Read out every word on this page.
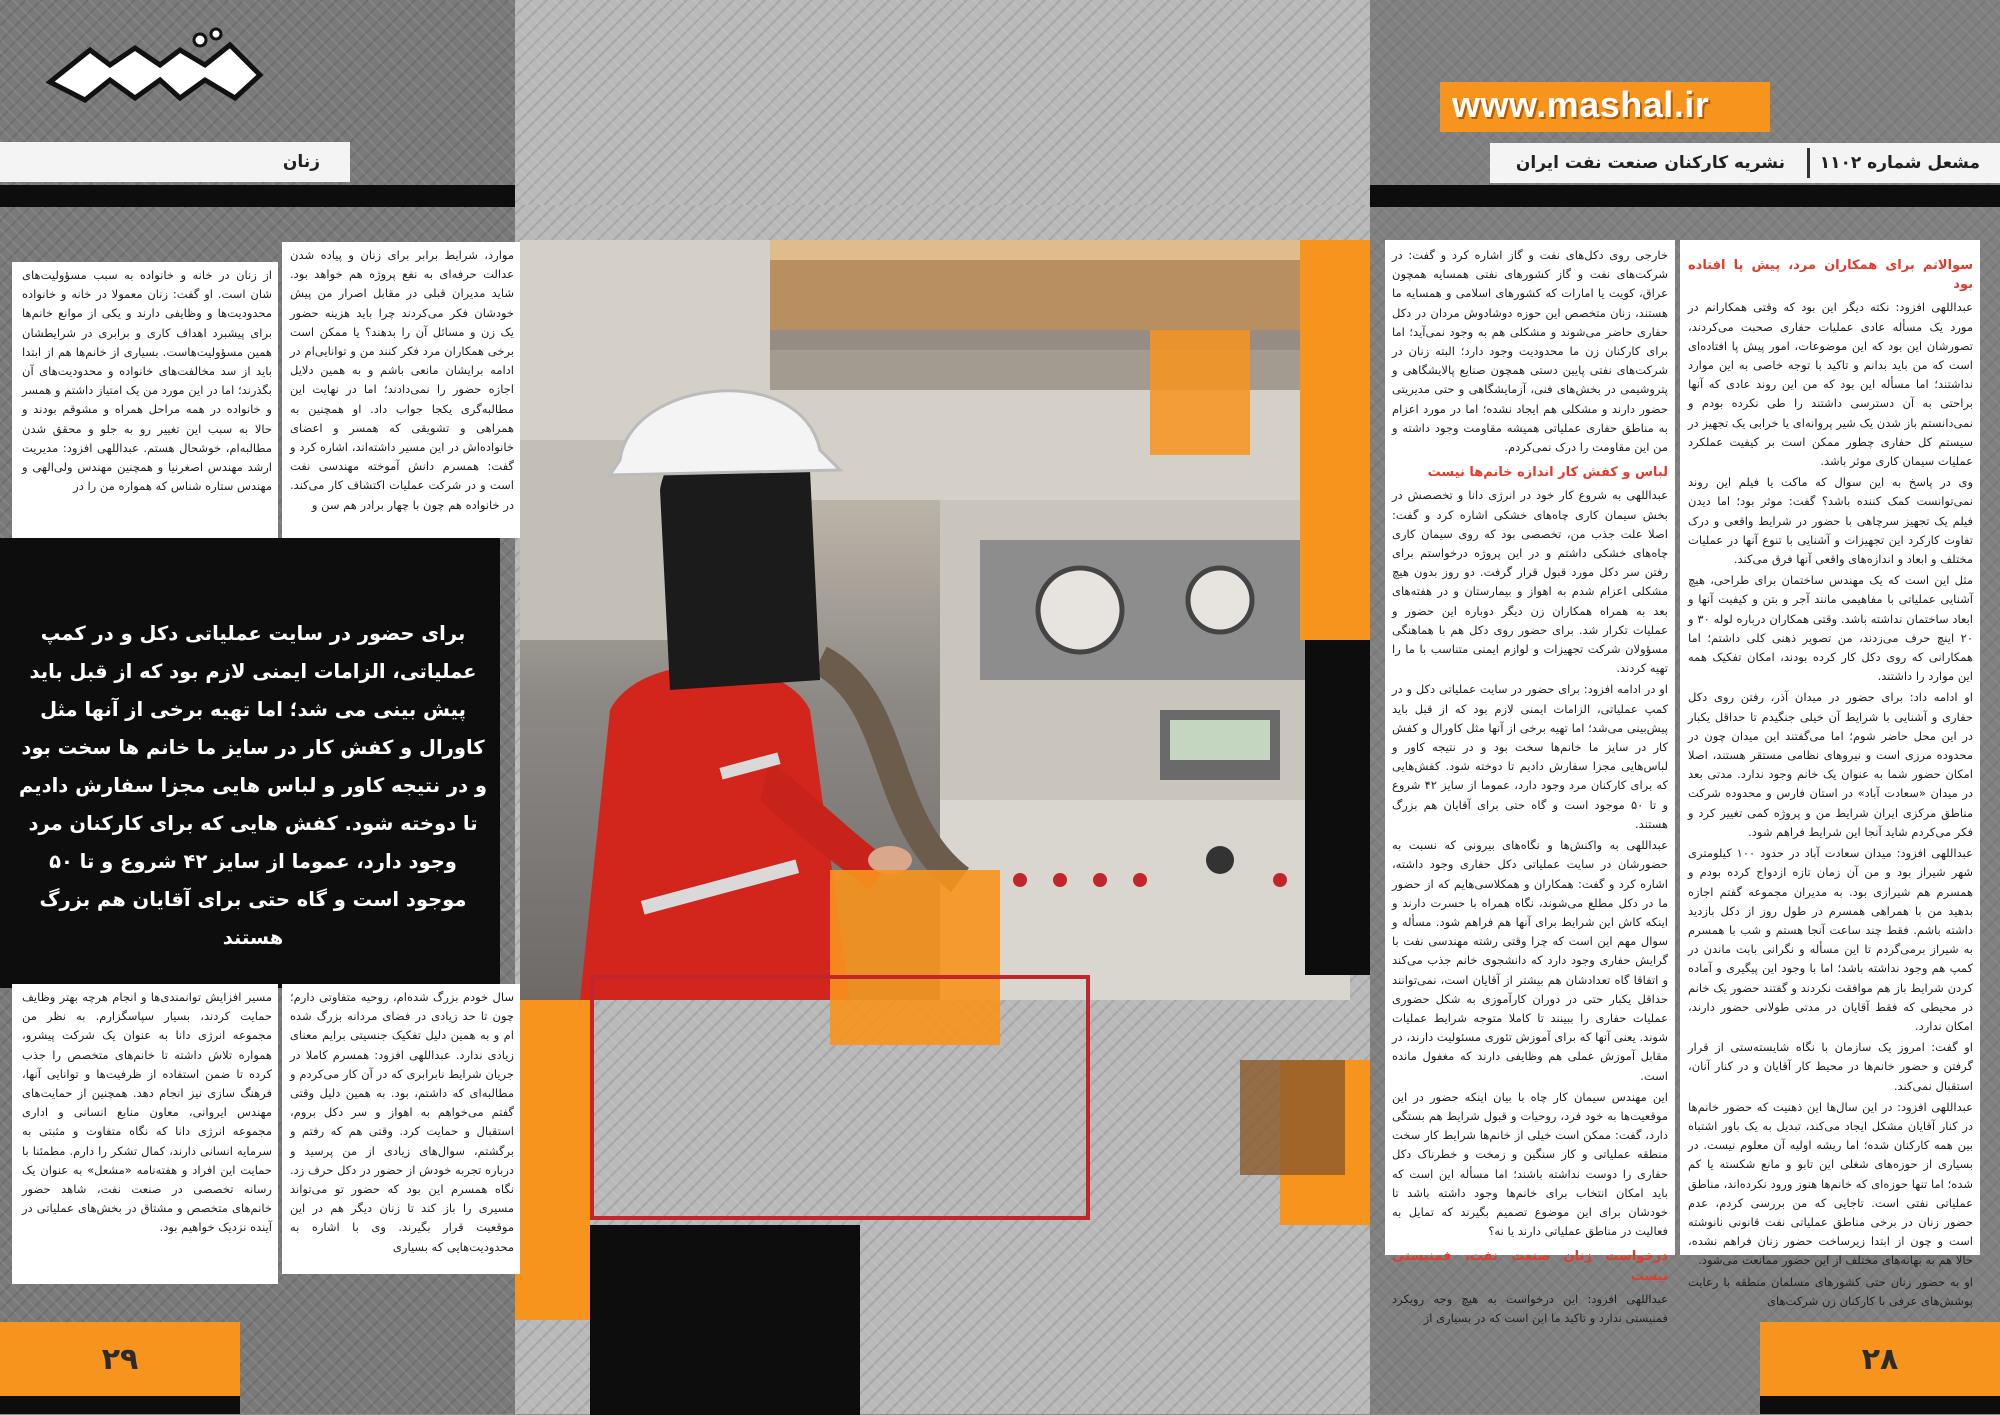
زنان
www.mashal.ir
مشعل شماره ۱۱۰۲
نشریه کارکنان صنعت نفت ایران
برای حضور در سایت عملیاتی دکل و در کمپ عملیاتی، الزامات ایمنی لازم بود که از قبل باید پیش بینی می شد؛ اما تهیه برخی از آنها مثل کاورال و کفش کار در سایز ما خانم ها سخت بود و در نتیجه کاور و لباس هایی مجزا سفارش دادیم تا دوخته شود. کفش هایی که برای کارکنان مرد وجود دارد، عموما از سایز ۴۲ شروع و تا ۵۰ موجود است و گاه حتی برای آقایان هم بزرگ هستند
از زنان در خانه و خانواده به سبب مسؤولیت‌های شان است. او گفت: زنان معمولا در خانه و خانواده محدودیت‌ها و وظایفی دارند و یکی از موانع خانم‌ها برای پیشبرد اهداف کاری و برابری در شرایطشان همین مسؤولیت‌هاست. بسیاری از خانم‌ها هم از ابتدا باید از سد مخالفت‌های خانواده و محدودیت‌های آن بگذرند؛ اما در این مورد من یک امتیاز داشتم و همسر و خانواده در همه مراحل همراه و مشوقم بودند و حالا به سبب این تغییر رو به جلو و محقق شدن مطالبه‌ام، خوشحال هستم. عبداللهی افزود: مدیریت ارشد مهندس اصغرنیا و همچنین مهندس ولی‌الهی و مهندس ستاره شناس که همواره من را در
موارد، شرایط برابر برای زنان و پیاده شدن عدالت حرفه‌ای به نفع پروژه هم خواهد بود. شاید مدیران قبلی در مقابل اصرار من پیش خودشان فکر می‌کردند چرا باید هزینه حضور یک زن و مسائل آن را بدهند؟ یا ممکن است برخی همکاران مرد فکر کنند من و توانایی‌ام در ادامه برایشان مانعی باشم و به همین دلایل اجازه حضور را نمی‌دادند؛ اما در نهایت این مطالبه‌گری یکجا جواب داد. او همچنین به همراهی و تشویقی که همسر و اعضای خانواده‌اش در این مسیر داشته‌اند، اشاره کرد و گفت: همسرم دانش آموخته مهندسی نفت است و در شرکت عملیات اکتشاف کار می‌کند. در خانواده هم چون با چهار برادر هم سن و
مسیر افزایش توانمندی‌ها و انجام هرچه بهتر وظایف حمایت کردند، بسیار سپاسگزارم. به نظر من مجموعه انرژی دانا به عنوان یک شرکت پیشرو، همواره تلاش داشته تا خانم‌های متخصص را جذب کرده تا ضمن استفاده از ظرفیت‌ها و توانایی آنها، فرهنگ سازی نیز انجام دهد. همچنین از حمایت‌های مهندس ایروانی، معاون منابع انسانی و اداری مجموعه انرژی دانا که نگاه متفاوت و مثبتی به سرمایه انسانی دارند، کمال تشکر را دارم. مطمئنا با حمایت این افراد و هفته‌نامه «مشعل» به عنوان یک رسانه تخصصی در صنعت نفت، شاهد حضور خانم‌های متخصص و مشتاق در بخش‌های عملیاتی در آینده نزدیک خواهیم بود.
سال خودم بزرگ شده‌ام، روحیه متفاوتی دارم؛ چون تا حد زیادی در فضای مردانه بزرگ شده ام و به همین دلیل تفکیک جنسیتی برایم معنای زیادی ندارد. عبداللهی افزود: همسرم کاملا در جریان شرایط نابرابری که در آن کار می‌کردم و مطالبه‌ای که داشتم، بود. به همین دلیل وقتی گفتم می‌خواهم به اهواز و سر دکل بروم، استقبال و حمایت کرد. وقتی هم که رفتم و برگشتم، سوال‌های زیادی از من پرسید و درباره تجربه خودش از حضور در دکل حرف زد. نگاه همسرم این بود که حضور تو می‌تواند مسیری را باز کند تا زنان دیگر هم در این موقعیت قرار بگیرند. وی با اشاره به محدودیت‌هایی که بسیاری

خارجی روی دکل‌های نفت و گاز اشاره کرد و گفت: در شرکت‌های نفت و گاز کشورهای نفتی همسایه همچون عراق، کویت یا امارات که کشورهای اسلامی و همسایه ما هستند، زنان متخصص این حوزه دوشادوش مردان در دکل حفاری حاضر می‌شوند و مشکلی هم به وجود نمی‌آید؛ اما برای کارکنان زن ما محدودیت وجود دارد؛ البته زنان در شرکت‌های نفتی پایین دستی همچون صنایع پالایشگاهی و پتروشیمی در بخش‌های فنی، آزمایشگاهی و حتی مدیریتی حضور دارند و مشکلی هم ایجاد نشده؛ اما در مورد اعزام به مناطق حفاری عملیاتی همیشه مقاومت وجود داشته و من این مقاومت را درک نمی‌کردم.

لباس و کفش کار اندازه خانم‌ها نیست

عبداللهی به شروع کار خود در انرژی دانا و تخصصش در بخش سیمان کاری چاه‌های خشکی اشاره کرد و گفت: اصلا علت جذب من، تخصصی بود که روی سیمان کاری چاه‌های خشکی داشتم و در این پروژه درخواستم برای رفتن سر دکل مورد قبول قرار گرفت. دو روز بدون هیچ مشکلی اعزام شدم به اهواز و بیمارستان و در هفته‌های بعد به همراه همکاران زن دیگر دوباره این حضور و عملیات تکرار شد. برای حضور روی دکل هم با هماهنگی مسؤولان شرکت تجهیزات و لوازم ایمنی متناسب با ما را تهیه کردند.

او در ادامه افزود: برای حضور در سایت عملیاتی دکل و در کمپ عملیاتی، الزامات ایمنی لازم بود که از قبل باید پیش‌بینی می‌شد؛ اما تهیه برخی از آنها مثل کاورال و کفش کار در سایز ما خانم‌ها سخت بود و در نتیجه کاور و لباس‌هایی مجزا سفارش دادیم تا دوخته شود. کفش‌هایی که برای کارکنان مرد وجود دارد، عموما از سایز ۴۲ شروع و تا ۵۰ موجود است و گاه حتی برای آقایان هم بزرگ هستند.

عبداللهی به واکنش‌ها و نگاه‌های بیرونی که نسبت به حضورشان در سایت عملیاتی دکل حفاری وجود داشته، اشاره کرد و گفت: همکاران و همکلاسی‌هایم که از حضور ما در دکل مطلع می‌شوند، نگاه همراه با حسرت دارند و اینکه کاش این شرایط برای آنها هم فراهم شود. مسأله و سوال مهم این است که چرا وقتی رشته مهندسی نفت با گرایش حفاری وجود دارد که دانشجوی خانم جذب می‌کند و اتفاقا گاه تعدادشان هم بیشتر از آقایان است، نمی‌توانند حداقل یکبار حتی در دوران کارآموزی به شکل حضوری عملیات حفاری را ببینند تا کاملا متوجه شرایط عملیات شوند. یعنی آنها که برای آموزش تئوری مسئولیت دارند، در مقابل آموزش عملی هم وظایفی دارند که مغفول مانده است.

این مهندس سیمان کار چاه با بیان اینکه حضور در این موقعیت‌ها به خود فرد، روحیات و قبول شرایط هم بستگی دارد، گفت: ممکن است خیلی از خانم‌ها شرایط کار سخت منطقه عملیاتی و کار سنگین و زمخت و خطرناک دکل حفاری را دوست نداشته باشند؛ اما مسأله این است که باید امکان انتخاب برای خانم‌ها وجود داشته باشد تا خودشان برای این موضوع تصمیم بگیرند که تمایل به فعالیت در مناطق عملیاتی دارند یا نه؟

درخواست زنان صنعت نفت، فمنیستی نیست

عبداللهی افزود: این درخواست به هیچ وجه رویکرد فمنیستی ندارد و تاکید ما این است که در بسیاری از

سوالاتم برای همکاران مرد، پیش پا افتاده بود

عبداللهی افزود: نکته دیگر این بود که وقتی همکارانم در مورد یک مسأله عادی عملیات حفاری صحبت می‌کردند، تصورشان این بود که این موضوعات، امور پیش پا افتاده‌ای است که من باید بدانم و تاکید با توجه خاصی به این موارد نداشتند؛ اما مسأله این بود که من این روند عادی که آنها براحتی به آن دسترسی داشتند را طی نکرده بودم و نمی‌دانستم باز شدن یک شیر پروانه‌ای یا خرابی یک تجهیز در سیستم کل حفاری چطور ممکن است بر کیفیت عملکرد عملیات سیمان کاری موثر باشد.

وی در پاسخ به این سوال که ماکت یا فیلم این روند نمی‌توانست کمک کننده باشد؟ گفت: موثر بود؛ اما دیدن فیلم یک تجهیز سرچاهی با حضور در شرایط واقعی و درک تفاوت کارکرد این تجهیزات و آشنایی با تنوع آنها در عملیات مختلف و ابعاد و اندازه‌های واقعی آنها فرق می‌کند.

مثل این است که یک مهندس ساختمان برای طراحی، هیچ آشنایی عملیاتی با مفاهیمی مانند آجر و بتن و کیفیت آنها و ابعاد ساختمان نداشته باشد. وقتی همکاران درباره لوله ۳۰ و ۲۰ اینچ حرف می‌زدند، من تصویر ذهنی کلی داشتم؛ اما همکارانی که روی دکل کار کرده بودند، امکان تفکیک همه این موارد را داشتند.

او ادامه داد: برای حضور در میدان آذر، رفتن روی دکل حفاری و آشنایی با شرایط آن خیلی جنگیدم تا حداقل یکبار در این محل حاضر شوم؛ اما می‌گفتند این میدان چون در محدوده مرزی است و نیروهای نظامی مستقر هستند، اصلا امکان حضور شما به عنوان یک خانم وجود ندارد. مدتی بعد در میدان «سعادت آباد» در استان فارس و محدوده شرکت مناطق مرکزی ایران شرایط من و پروژه کمی تغییر کرد و فکر می‌کردم شاید آنجا این شرایط فراهم شود.

عبداللهی افزود: میدان سعادت آباد در حدود ۱۰۰ کیلومتری شهر شیراز بود و من آن زمان تازه ازدواج کرده بودم و همسرم هم شیرازی بود. به مدیران مجموعه گفتم اجازه بدهید من با همراهی همسرم در طول روز از دکل بازدید داشته باشم. فقط چند ساعت آنجا هستم و شب با همسرم به شیراز برمی‌گردم تا این مسأله و نگرانی بابت ماندن در کمپ هم وجود نداشته باشد؛ اما با وجود این پیگیری و آماده کردن شرایط باز هم موافقت نکردند و گفتند حضور یک خانم در محیطی که فقط آقایان در مدتی طولانی حضور دارند، امکان ندارد.

او گفت: امروز یک سازمان با نگاه شایسته‌ستی از قرار گرفتن و حضور خانم‌ها در محیط کار آقایان و در کنار آنان، استقبال نمی‌کند.

عبداللهی افزود: در این سال‌ها این ذهنیت که حضور خانم‌ها در کنار آقایان مشکل ایجاد می‌کند، تبدیل به یک باور اشتباه بین همه کارکنان شده؛ اما ریشه اولیه آن معلوم نیست. در بسیاری از حوزه‌های شغلی این تابو و مانع شکسته یا کم شده؛ اما تنها حوزه‌ای که خانم‌ها هنوز ورود نکرده‌اند، مناطق عملیاتی نفتی است. تاجایی که من بررسی کردم، عدم حضور زنان در برخی مناطق عملیاتی نفت قانونی نانوشته است و چون از ابتدا زیرساخت حضور زنان فراهم نشده، حالا هم به بهانه‌های مختلف از این حضور ممانعت می‌شود.

او به حضور زنان حتی کشورهای مسلمان منطقه با رعایت پوشش‌های عرفی با کارکنان زن شرکت‌های

۲۹	۲۸
